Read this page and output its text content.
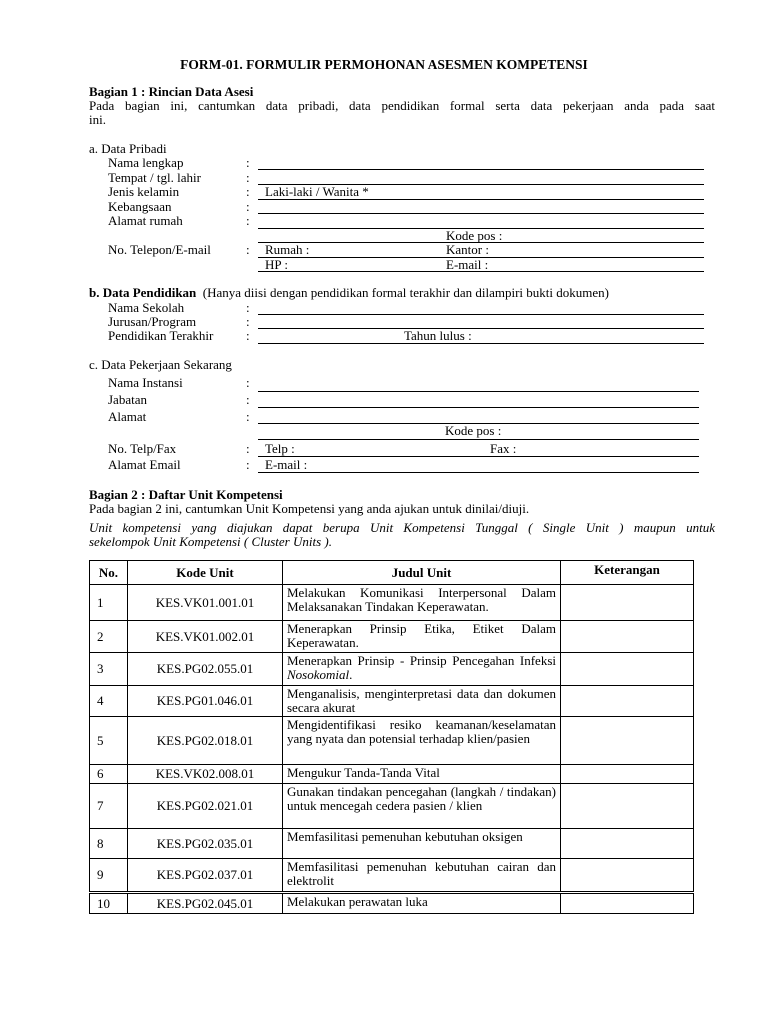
FORM-01. FORMULIR PERMOHONAN ASESMEN KOMPETENSI
Bagian 1 : Rincian Data Asesi
Pada bagian ini, cantumkan data pribadi, data pendidikan formal serta data pekerjaan anda pada saat
ini.
a. Data Pribadi
Nama lengkap	:
Tempat / tgl. lahir	:
Jenis kelamin	: Laki-laki / Wanita *
Kebangsaan	:
Alamat rumah	:
Kode pos :
No. Telepon/E-mail	: Rumah :	Kantor :
HP :	E-mail :
b. Data Pendidikan (Hanya diisi dengan pendidikan formal terakhir dan dilampiri bukti dokumen)
Nama Sekolah	:
Jurusan/Program	:
Pendidikan Terakhir	:	Tahun lulus :
c. Data Pekerjaan Sekarang
Nama Instansi	:
Jabatan	:
Alamat	:
Kode pos :
No. Telp/Fax	: Telp :	Fax :
Alamat Email	: E-mail :
Bagian 2 : Daftar Unit Kompetensi
Pada bagian 2 ini, cantumkan Unit Kompetensi yang anda ajukan untuk dinilai/diuji.
Unit kompetensi yang diajukan dapat berupa Unit Kompetensi Tunggal ( Single Unit ) maupun untuk
sekelompok Unit Kompetensi ( Cluster Units ).
No.	Kode Unit	Judul Unit	Keterangan
1	KES.VK01.001.01	Melakukan Komunikasi Interpersonal Dalam Melaksanakan Tindakan Keperawatan.	
2	KES.VK01.002.01	Menerapkan Prinsip Etika, Etiket Dalam Keperawatan.	
3	KES.PG02.055.01	Menerapkan Prinsip - Prinsip Pencegahan Infeksi Nosokomial.	
4	KES.PG01.046.01	Menganalisis, menginterpretasi data dan dokumen secara akurat	
5	KES.PG02.018.01	Mengidentifikasi resiko keamanan/keselamatan yang nyata dan potensial terhadap klien/pasien	
6	KES.VK02.008.01	Mengukur Tanda-Tanda Vital	
7	KES.PG02.021.01	Gunakan tindakan pencegahan (langkah / tindakan) untuk mencegah cedera pasien / klien	
8	KES.PG02.035.01	Memfasilitasi pemenuhan kebutuhan oksigen	
9	KES.PG02.037.01	Memfasilitasi pemenuhan kebutuhan cairan dan elektrolit	
10	KES.PG02.045.01	Melakukan perawatan luka	
